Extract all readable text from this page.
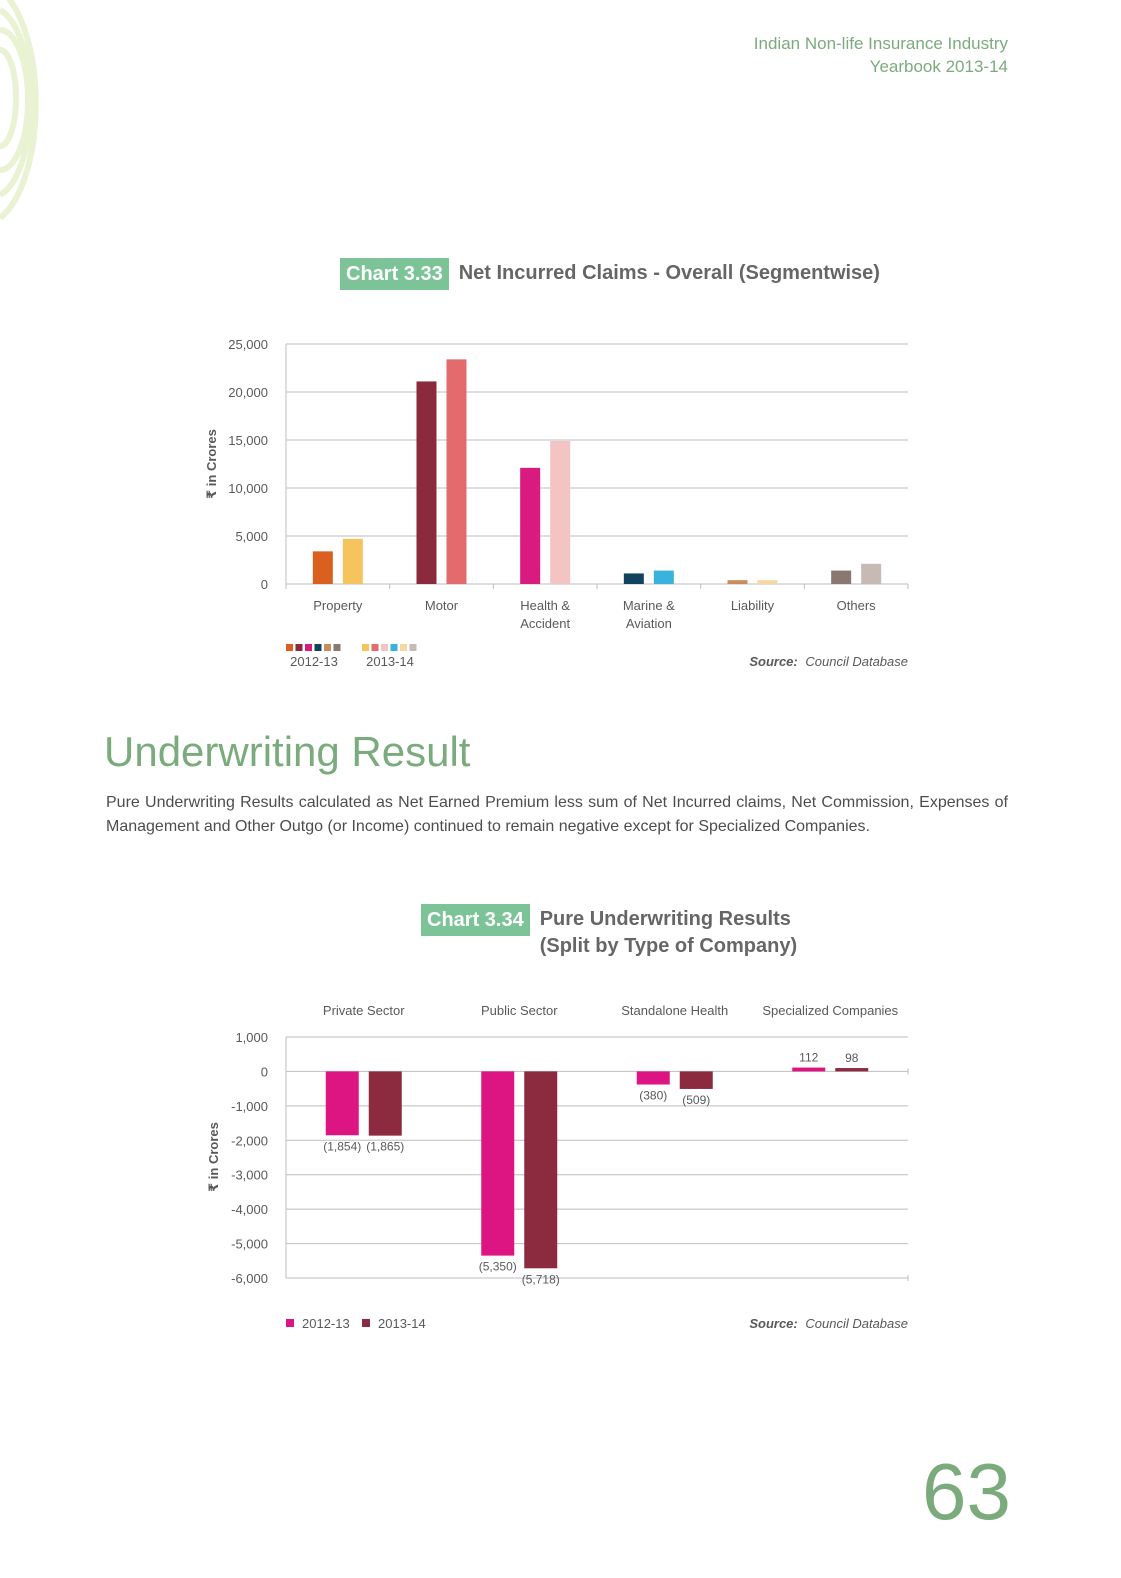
Indian Non-life Insurance Industry
Yearbook 2013-14
Chart 3.33 Net Incurred Claims - Overall (Segmentwise)
0
5,000
10,000
15,000
20,000
25,000
Property	Motor	Health &
Accident
Marine &
Aviation
Liability	Others
₹ in Crores
2012-13 2013-14	Source: Council Database
Underwriting Result

Pure Underwriting Results calculated as Net Earned Premium less sum of Net Incurred claims, Net Commission, Expenses of Management and Other Outgo (or Income) continued to remain negative except for Specialized Companies.

Chart 3.34 Pure Underwriting Results
(Split by Type of Company)
1,000
0
-1,000
-2,000
-3,000
-4,000
-5,000
-6,000
Private Sector
(1,854) (1,865)
Public Sector
(5,350)
(5,718)
Standalone Health
(380) (509)
Specialized Companies
112 98
₹ in Crores
2012-13 2013-14	Source: Council Database
63
